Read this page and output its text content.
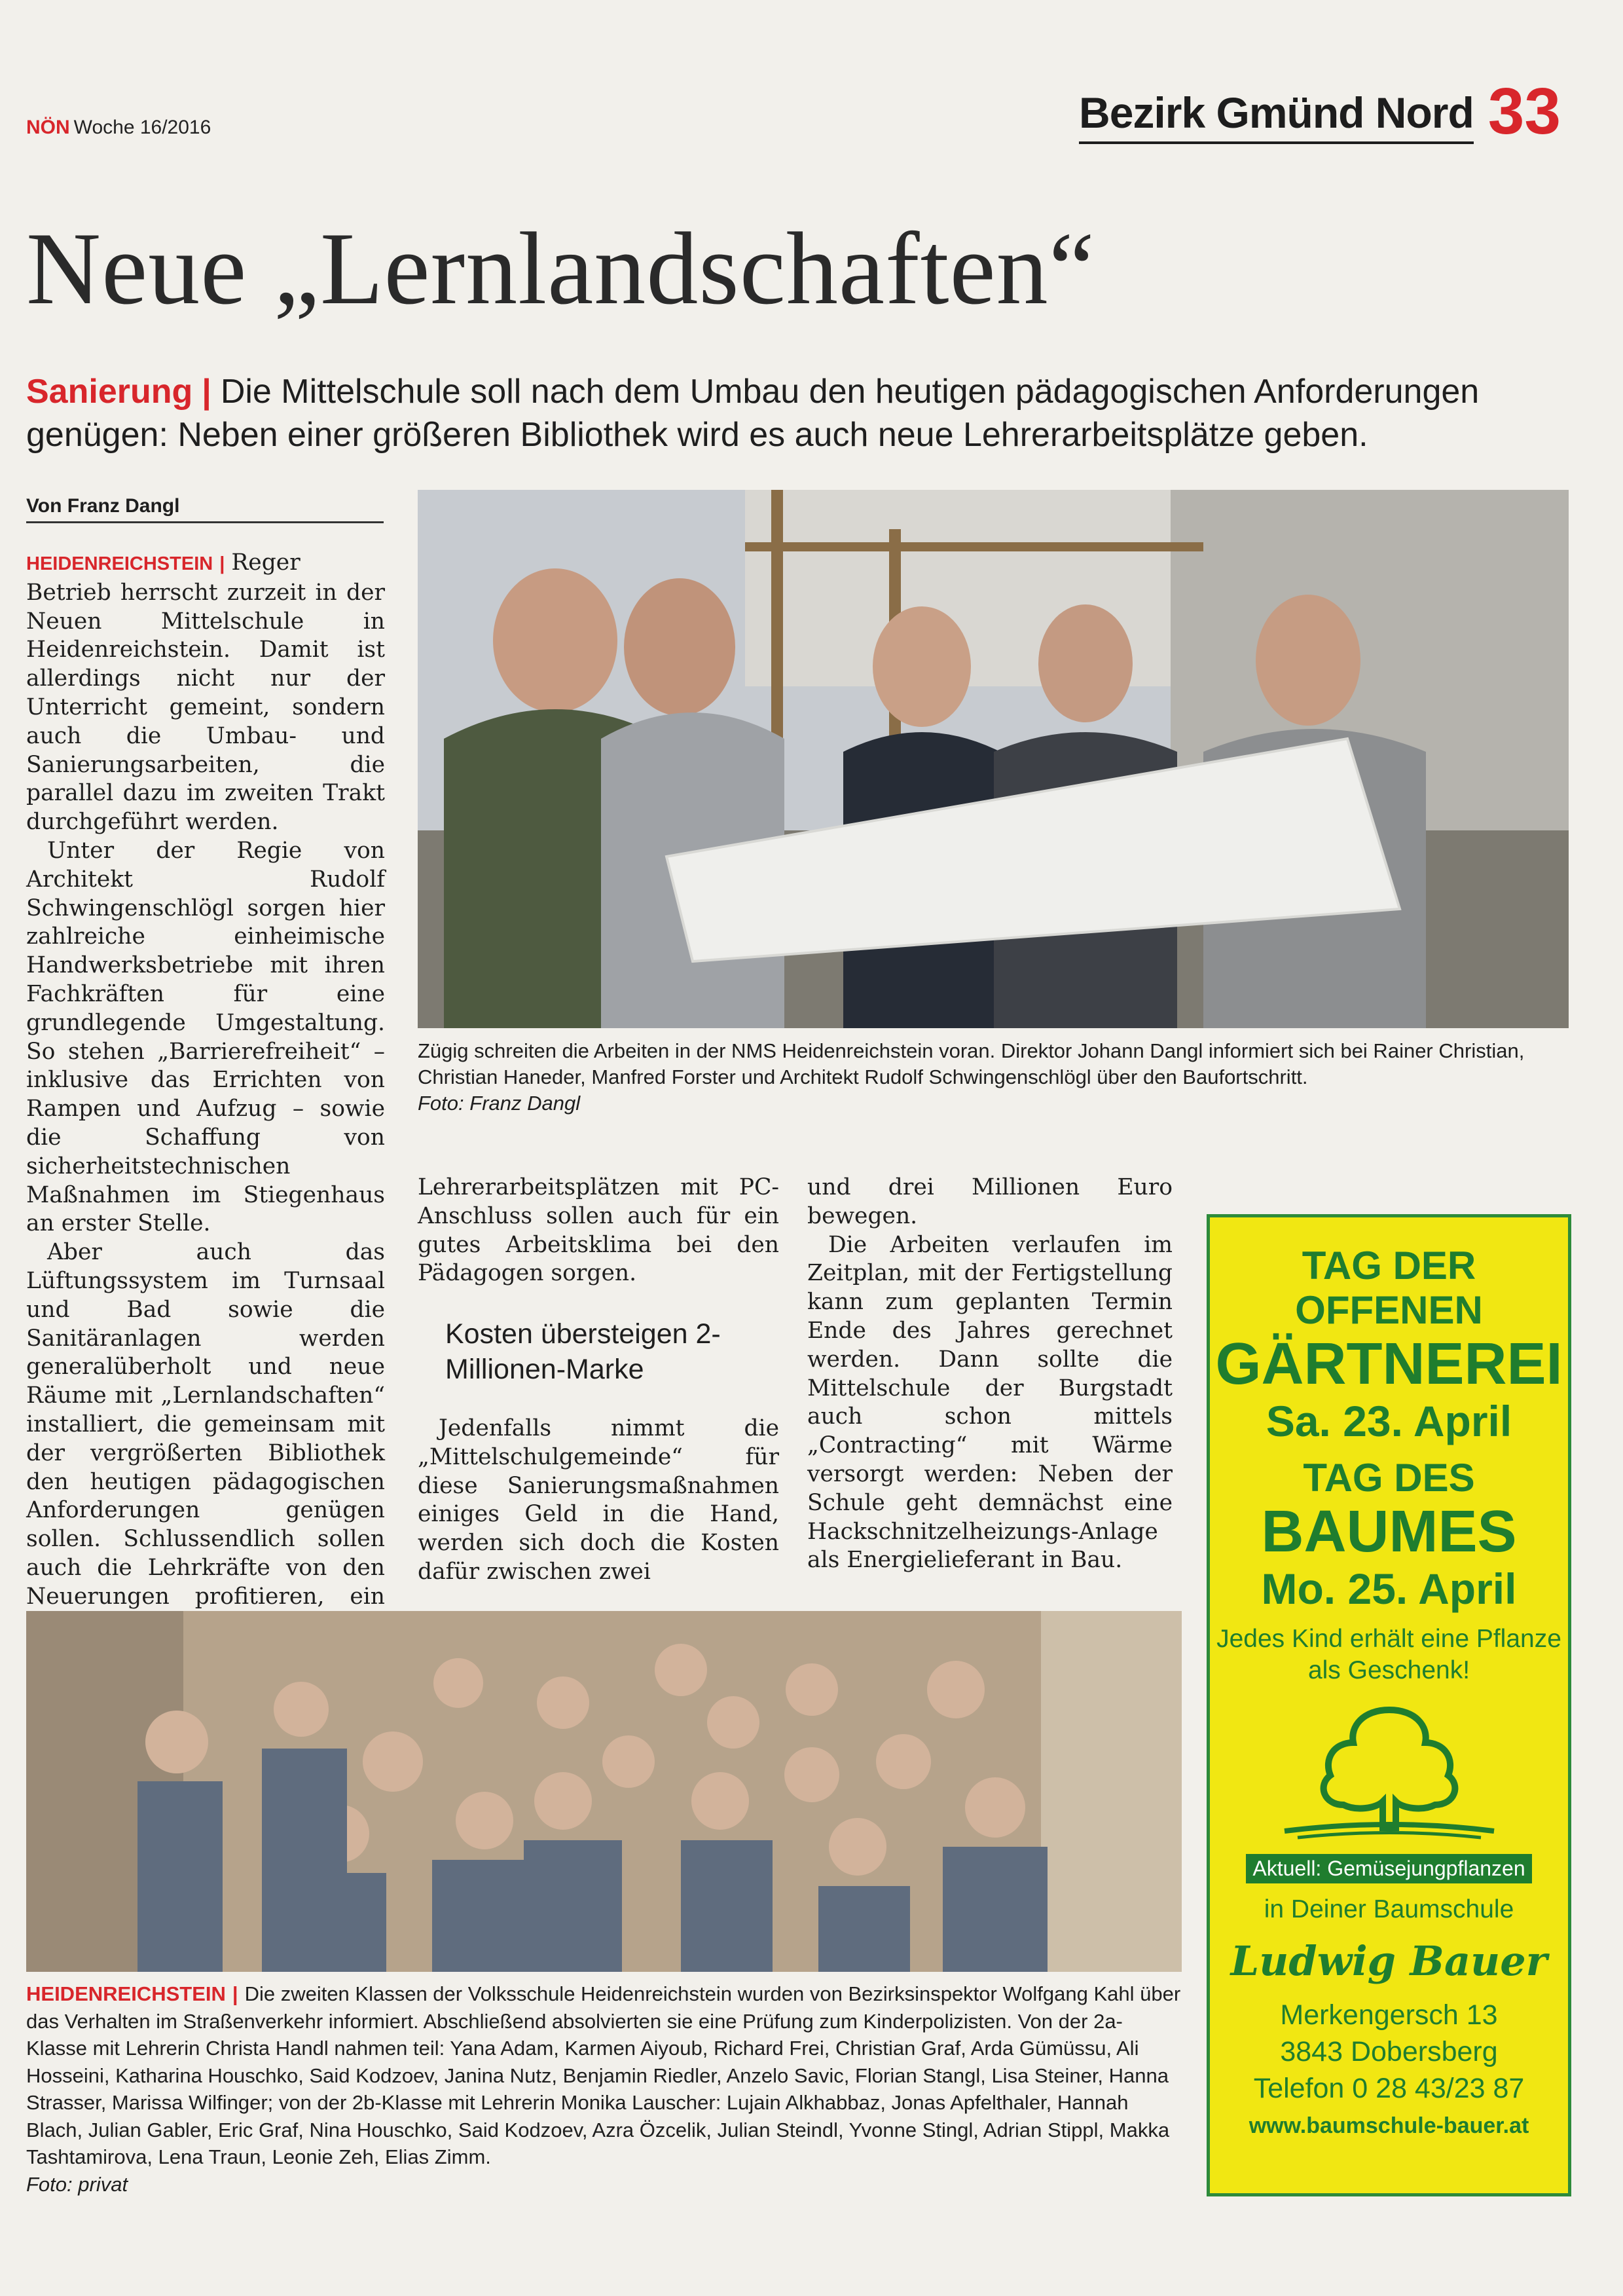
NÖN Woche 16/2016	Bezirk Gmünd Nord 33
Neue „Lernlandschaften“
Sanierung | Die Mittelschule soll nach dem Umbau den heutigen pädagogischen Anforderungen genügen: Neben einer größeren Bibliothek wird es auch neue Lehrerarbeitsplätze geben.
Von Franz Dangl

HEIDENREICHSTEIN | Reger Betrieb herrscht zurzeit in der Neuen Mittelschule in Heidenreichstein. Damit ist allerdings nicht nur der Unterricht gemeint, sondern auch die Umbau- und Sanierungsarbeiten, die parallel dazu im zweiten Trakt durchgeführt werden.

Unter der Regie von Architekt Rudolf Schwingenschlögl sorgen hier zahlreiche einheimische Handwerksbetriebe mit ihren Fachkräften für eine grundlegende Umgestaltung. So stehen „Barrierefreiheit“ – inklusive das Errichten von Rampen und Aufzug – sowie die Schaffung von sicherheitstechnischen Maßnahmen im Stiegenhaus an erster Stelle.

Aber auch das Lüftungssystem im Turnsaal und Bad sowie die Sanitäranlagen werden generalüberholt und neue Räume mit „Lernlandschaften“ installiert, die gemeinsam mit der vergrößerten Bibliothek den heutigen pädagogischen Anforderungen genügen sollen. Schlussendlich sollen auch die Lehrkräfte von den Neuerungen profitieren, ein

Zügig schreiten die Arbeiten in der NMS Heidenreichstein voran. Direktor Johann Dangl informiert sich bei Rainer Christian, Christian Haneder, Manfred Forster und Architekt Rudolf Schwingenschlögl über den Baufortschritt.
Foto: Franz Dangl

Lehrerarbeitsplätzen mit PC-Anschluss sollen auch für ein gutes Arbeitsklima bei den Pädagogen sorgen.

Kosten übersteigen 2-Millionen-Marke

Jedenfalls nimmt die „Mittelschulgemeinde“ für diese Sanierungsmaßnahmen einiges Geld in die Hand, werden sich doch die Kosten dafür zwischen zwei

und drei Millionen Euro bewegen.

Die Arbeiten verlaufen im Zeitplan, mit der Fertigstellung kann zum geplanten Termin Ende des Jahres gerechnet werden. Dann sollte die Mittelschule der Burgstadt auch schon mittels „Contracting“ mit Wärme versorgt werden: Neben der Schule geht demnächst eine Hackschnitzelheizungs-Anlage als Energielieferant in Bau.

HEIDENREICHSTEIN | Die zweiten Klassen der Volksschule Heidenreichstein wurden von Bezirksinspektor Wolfgang Kahl über das Verhalten im Straßenverkehr informiert. Abschließend absolvierten sie eine Prüfung zum Kinderpolizisten. Von der 2a-Klasse mit Lehrerin Christa Handl nahmen teil: Yana Adam, Karmen Aiyoub, Richard Frei, Christian Graf, Arda Gümüssu, Ali Hosseini, Katharina Houschko, Said Kodzoev, Janina Nutz, Benjamin Riedler, Anzelo Savic, Florian Stangl, Lisa Steiner, Hanna Strasser, Marissa Wilfinger; von der 2b-Klasse mit Lehrerin Monika Lauscher: Lujain Alkhabbaz, Jonas Apfelthaler, Hannah Blach, Julian Gabler, Eric Graf, Nina Houschko, Said Kodzoev, Azra Özcelik, Julian Steindl, Yvonne Stingl, Adrian Stippl, Makka Tashtamirova, Lena Traun, Leonie Zeh, Elias Zimm.
Foto: privat
TAG DER
OFFENEN
GÄRTNEREI
Sa. 23. April
TAG DES
BAUMES
Mo. 25. April
Jedes Kind erhält eine Pflanze als Geschenk!
Aktuell: Gemüsejungpflanzen
in Deiner Baumschule
Ludwig Bauer
Merkengersch 13
3843 Dobersberg
Telefon 0 28 43/23 87
www.baumschule-bauer.at
